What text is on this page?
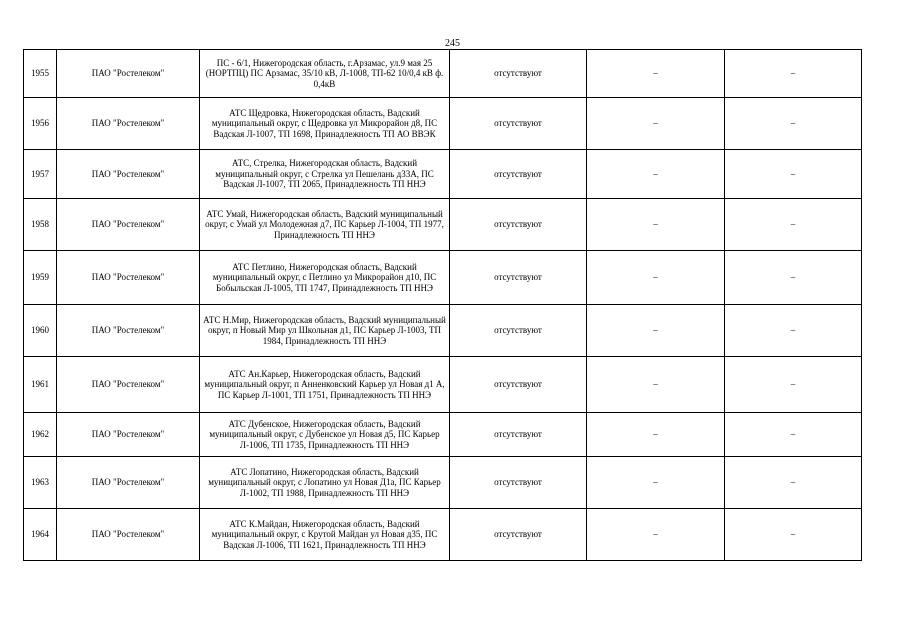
245
1955	ПАО "Ростелеком"	ПС - 6/1, Нижегородская область, г.Арзамас, ул.9 мая 25 (НОРТПЦ) ПС Арзамас, 35/10 кВ, Л-1008, ТП-62 10/0,4 кВ ф. 0,4кВ	отсутствуют	–	–
1956	ПАО "Ростелеком"	АТС Щедровка, Нижегородская область, Вадский муниципальный округ, с Щедровка ул Микрорайон д8, ПС Вадская Л-1007, ТП 1698, Принадлежность ТП АО ВВЭК	отсутствуют	–	–
1957	ПАО "Ростелеком"	АТС, Стрелка, Нижегородская область, Вадский муниципальный округ, с Стрелка ул Пешелань д33А, ПС Вадская Л-1007, ТП 2065, Принадлежность ТП ННЭ	отсутствуют	–	–
1958	ПАО "Ростелеком"	АТС Умай, Нижегородская область, Вадский муниципальный округ, с Умай ул Молодежная д7, ПС Карьер Л-1004, ТП 1977, Принадлежность ТП ННЭ	отсутствуют	–	–
1959	ПАО "Ростелеком"	АТС Петлино, Нижегородская область, Вадский муниципальный округ, с Петлино ул Микрорайон д10, ПС Бобыльская Л-1005, ТП 1747, Принадлежность ТП ННЭ	отсутствуют	–	–
1960	ПАО "Ростелеком"	АТС Н.Мир, Нижегородская область, Вадский муниципальный округ, п Новый Мир ул Школьная д1, ПС Карьер Л-1003, ТП 1984, Принадлежность ТП ННЭ	отсутствуют	–	–
1961	ПАО "Ростелеком"	АТС Ан.Карьер, Нижегородская область, Вадский муниципальный округ, п Анненковский Карьер ул Новая д1 А, ПС Карьер Л-1001, ТП 1751, Принадлежность ТП ННЭ	отсутствуют	–	–
1962	ПАО "Ростелеком"	АТС Дубенское, Нижегородская область, Вадский муниципальный округ, с Дубенское ул Новая д5, ПС Карьер Л-1006, ТП 1735, Принадлежность ТП ННЭ	отсутствуют	–	–
1963	ПАО "Ростелеком"	АТС Лопатино, Нижегородская область, Вадский муниципальный округ, с Лопатино ул Новая Д1а, ПС Карьер Л-1002, ТП 1988, Принадлежность ТП ННЭ	отсутствуют	–	–
1964	ПАО "Ростелеком"	АТС К.Майдан, Нижегородская область, Вадский муниципальный округ, с Крутой Майдан ул Новая д35, ПС Вадская Л-1006, ТП 1621, Принадлежность ТП ННЭ	отсутствуют	–	–
